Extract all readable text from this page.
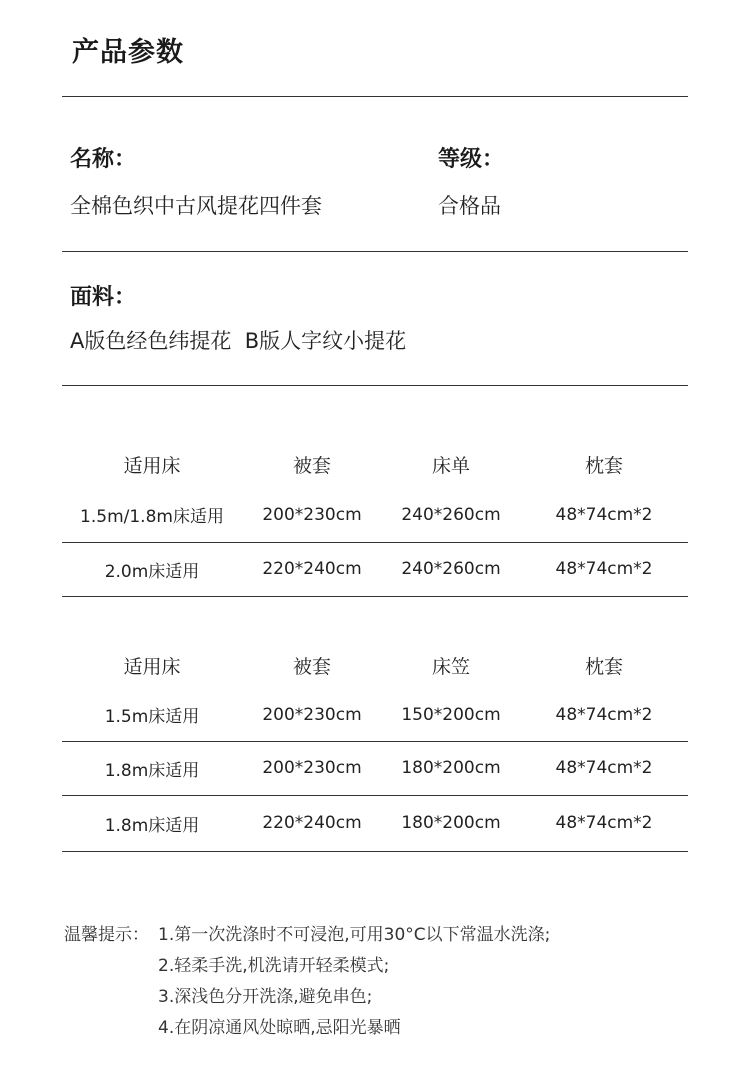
产品参数
名称：
全棉色织中古风提花四件套
等级：
合格品
面料：
A版色经色纬提花  B版人字纹小提花
适用床	被套	床单	枕套
1.5m/1.8m床适用	200*230cm	240*260cm	48*74cm*2
2.0m床适用	220*240cm	240*260cm	48*74cm*2
适用床	被套	床笠	枕套
1.5m床适用	200*230cm	150*200cm	48*74cm*2
1.8m床适用	200*230cm	180*200cm	48*74cm*2
1.8m床适用	220*240cm	180*200cm	48*74cm*2
温馨提示： 1.第一次洗涤时不可浸泡,可用30°C以下常温水洗涤;
2.轻柔手洗,机洗请开轻柔模式;
3.深浅色分开洗涤,避免串色;
4.在阴凉通风处晾晒,忌阳光暴晒
